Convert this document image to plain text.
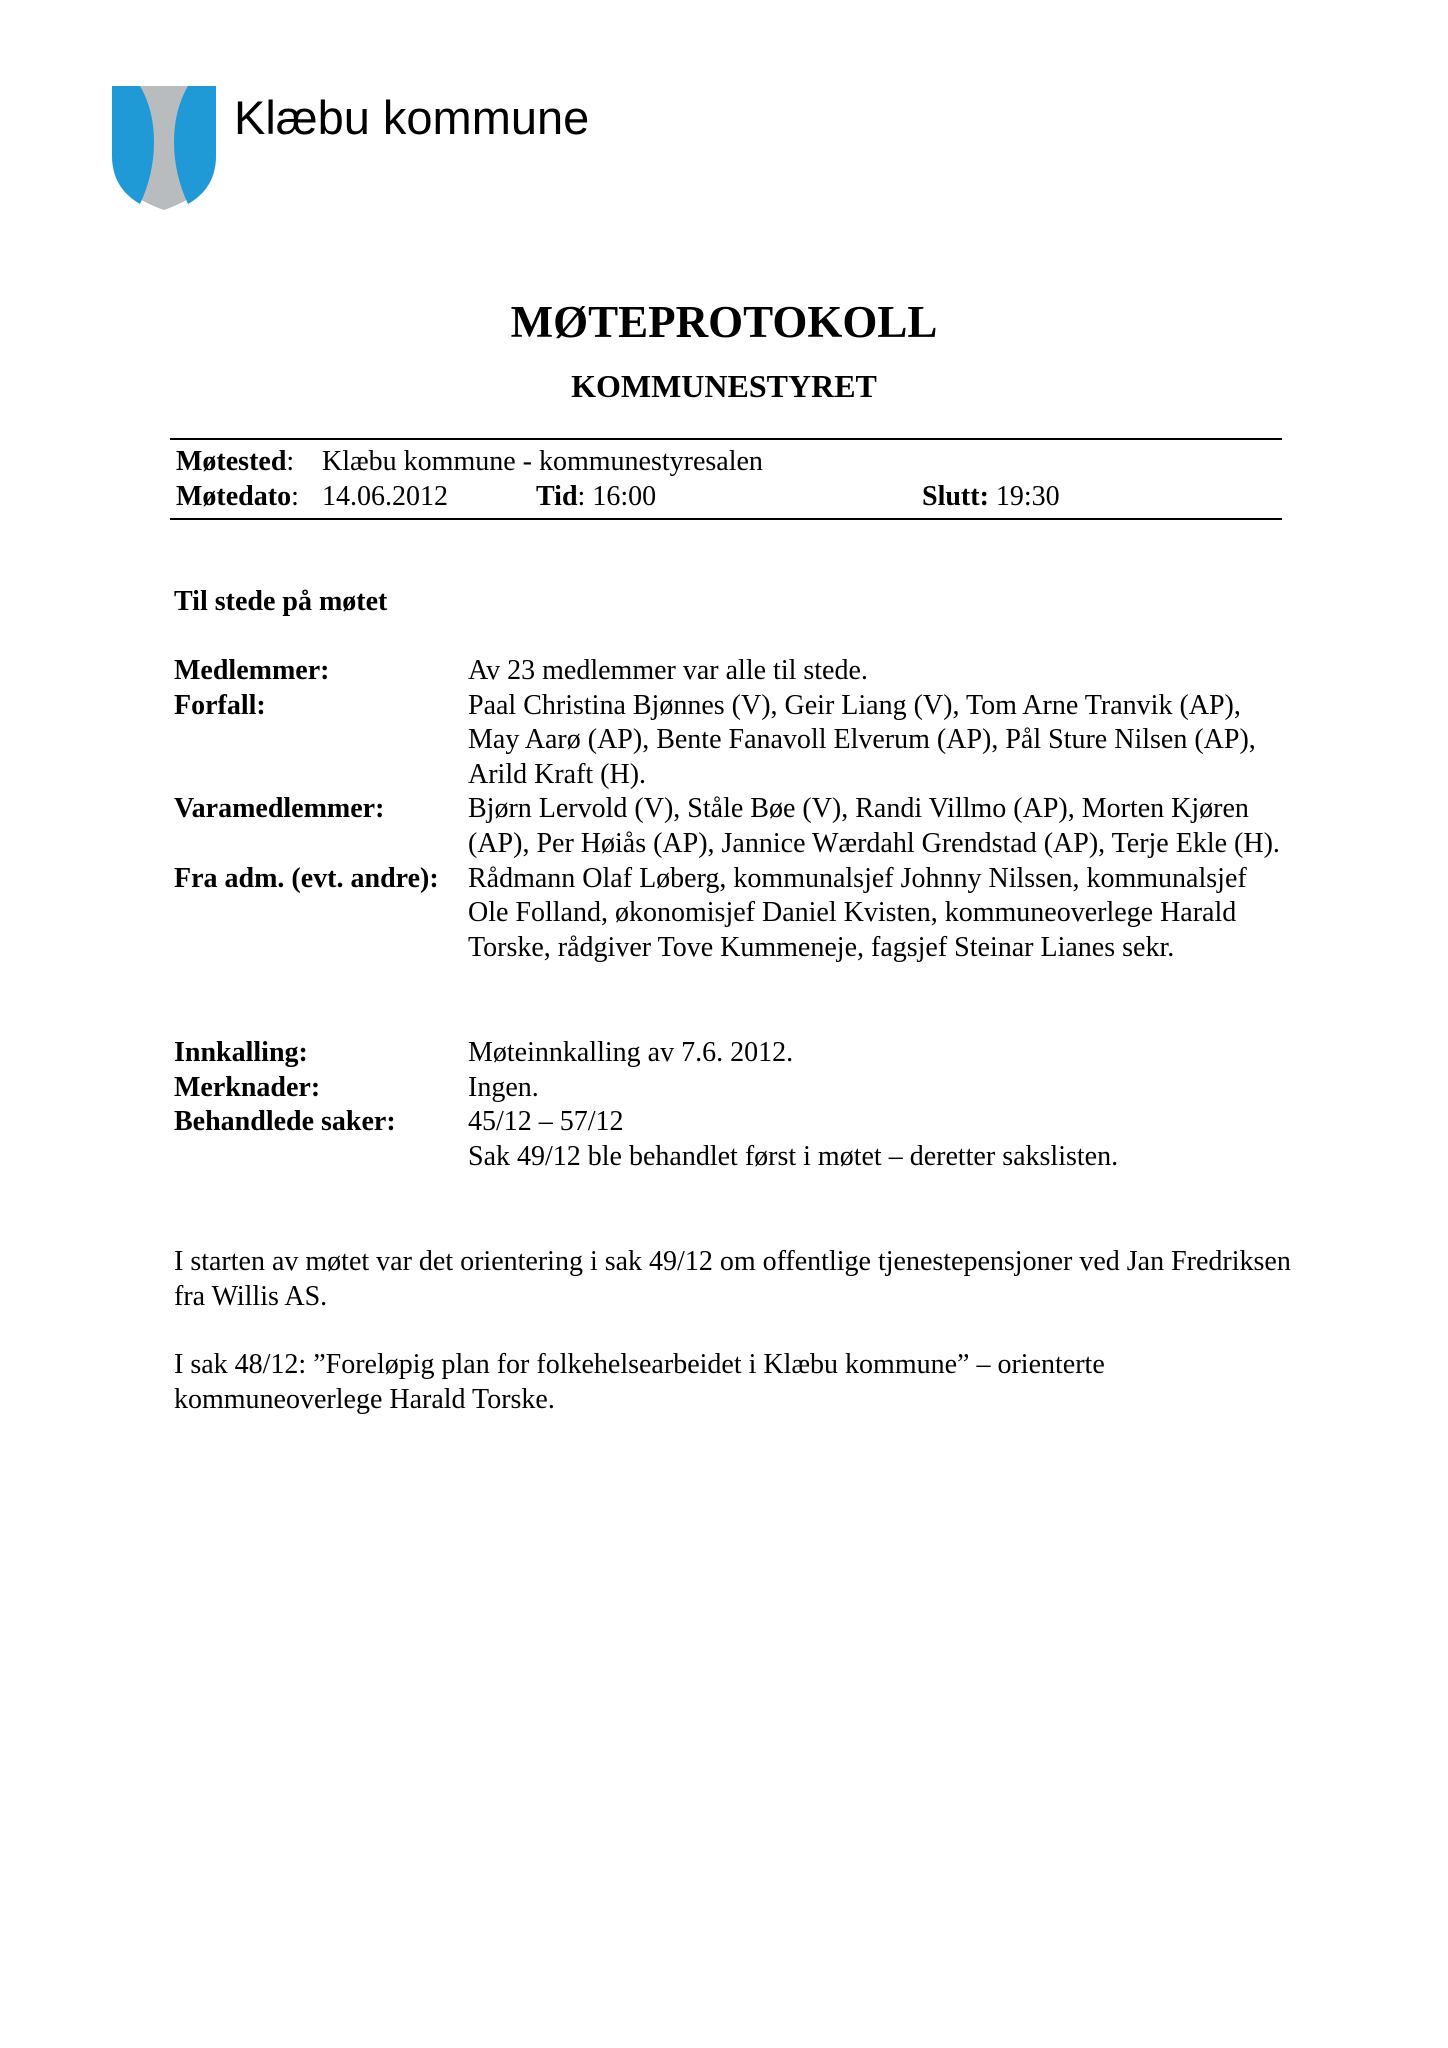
Klæbu kommune
MØTEPROTOKOLL
KOMMUNESTYRET
Møtested: Klæbu kommune - kommunestyresalen
Møtedato: 14.06.2012	Tid: 16:00	Slutt: 19:30
Til stede på møtet
Medlemmer:	Av 23 medlemmer var alle til stede.
Forfall:	Paal Christina Bjønnes (V), Geir Liang (V), Tom Arne Tranvik (AP), May Aarø (AP), Bente Fanavoll Elverum (AP), Pål Sture Nilsen (AP), Arild Kraft (H).
Varamedlemmer:	Bjørn Lervold (V), Ståle Bøe (V), Randi Villmo (AP), Morten Kjøren (AP), Per Høiås (AP), Jannice Wærdahl Grendstad (AP), Terje Ekle (H).
Fra adm. (evt. andre):	Rådmann Olaf Løberg, kommunalsjef Johnny Nilssen, kommunalsjef Ole Folland, økonomisjef Daniel Kvisten, kommuneoverlege Harald Torske, rådgiver Tove Kummeneje, fagsjef Steinar Lianes sekr.
Innkalling:	Møteinnkalling av 7.6. 2012.
Merknader:	Ingen.
Behandlede saker:	45/12 – 57/12
Sak 49/12 ble behandlet først i møtet – deretter sakslisten.
I starten av møtet var det orientering i sak 49/12 om offentlige tjenestepensjoner ved Jan Fredriksen fra Willis AS.
I sak 48/12: ”Foreløpig plan for folkehelsearbeidet i Klæbu kommune” – orienterte kommuneoverlege Harald Torske.
